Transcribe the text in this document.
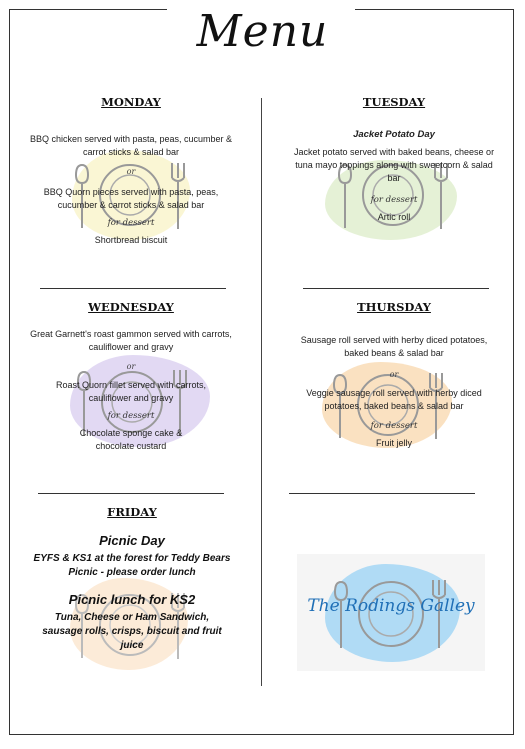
Menu
MONDAY
BBQ chicken served with pasta, peas, cucumber & carrot sticks & salad bar
or
BBQ Quorn pieces served with pasta, peas, cucumber & carrot sticks & salad bar
for dessert
Shortbread biscuit
TUESDAY
Jacket Potato Day
Jacket potato served with baked beans, cheese or tuna mayo toppings along with sweetcorn & salad bar
for dessert
Artic roll
WEDNESDAY
Great Garnett's roast gammon served with carrots, cauliflower and gravy
or
Roast Quorn fillet served with carrots, cauliflower and gravy
for dessert
Chocolate sponge cake & chocolate custard
THURSDAY
Sausage roll served with herby diced potatoes, baked beans & salad bar
or
Veggie sausage roll served with herby diced potatoes, baked beans & salad bar
for dessert
Fruit jelly
FRIDAY
Picnic Day
EYFS & KS1 at the forest for Teddy Bears Picnic - please order lunch
Picnic lunch for KS2
Tuna, Cheese or Ham Sandwich, sausage rolls, crisps, biscuit and fruit juice
The Rodings Galley
